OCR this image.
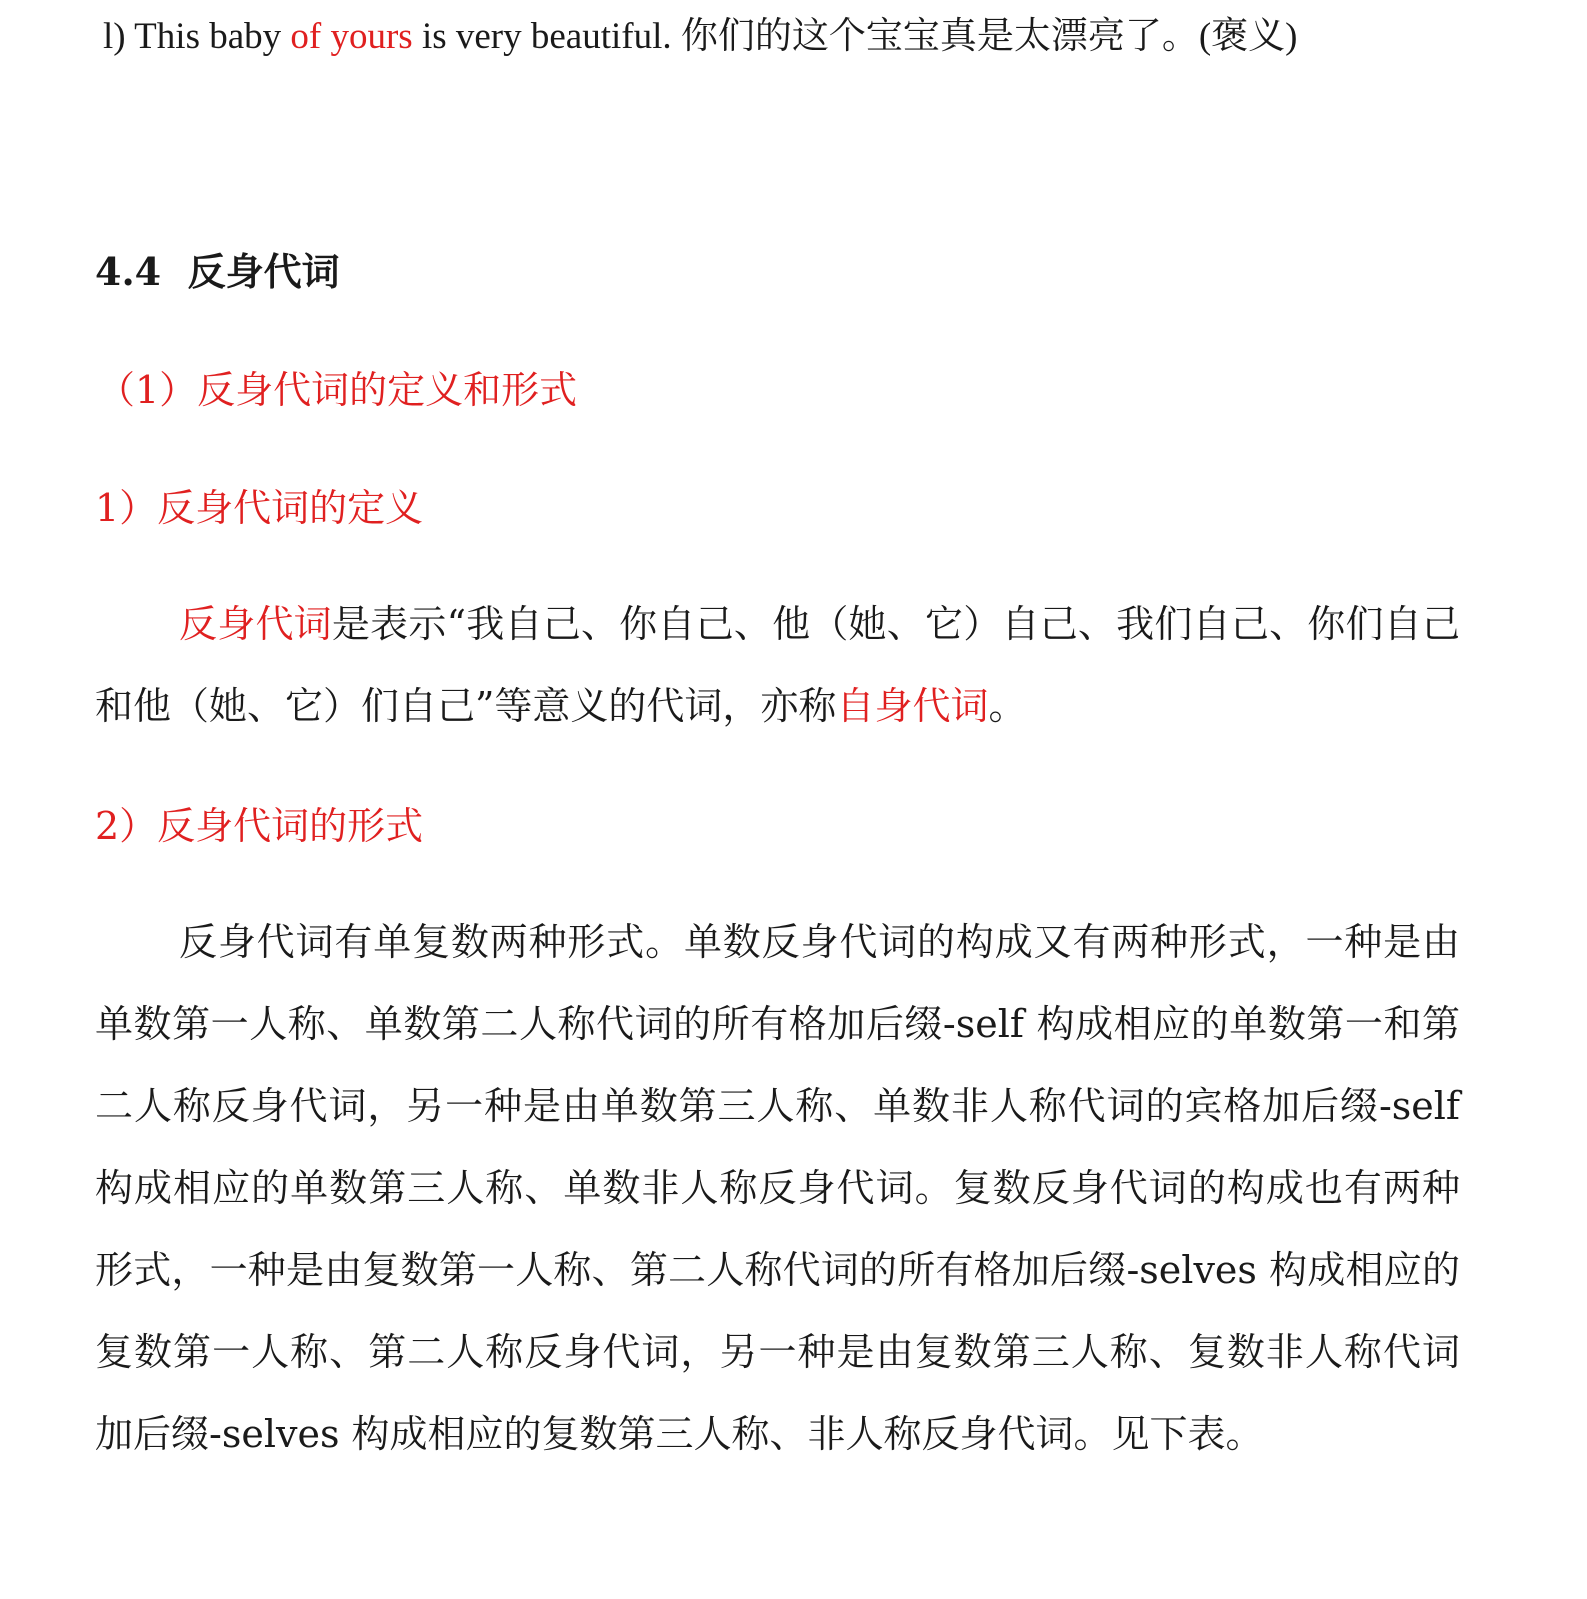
l) This baby of yours is very beautiful. 你们的这个宝宝真是太漂亮了。(褒义)

4.4 反身代词
（1）反身代词的定义和形式
1）反身代词的定义

反身代词是表示“我自己、你自己、他（她、它）自己、我们自己、你们自己和他（她、它）们自己”等意义的代词，亦称自身代词。

2）反身代词的形式

反身代词有单复数两种形式。单数反身代词的构成又有两种形式，一种是由单数第一人称、单数第二人称代词的所有格加后缀-self 构成相应的单数第一和第二人称反身代词，另一种是由单数第三人称、单数非人称代词的宾格加后缀-self 构成相应的单数第三人称、单数非人称反身代词。复数反身代词的构成也有两种形式，一种是由复数第一人称、第二人称代词的所有格加后缀-selves 构成相应的复数第一人称、第二人称反身代词，另一种是由复数第三人称、复数非人称代词加后缀-selves 构成相应的复数第三人称、非人称反身代词。见下表。
